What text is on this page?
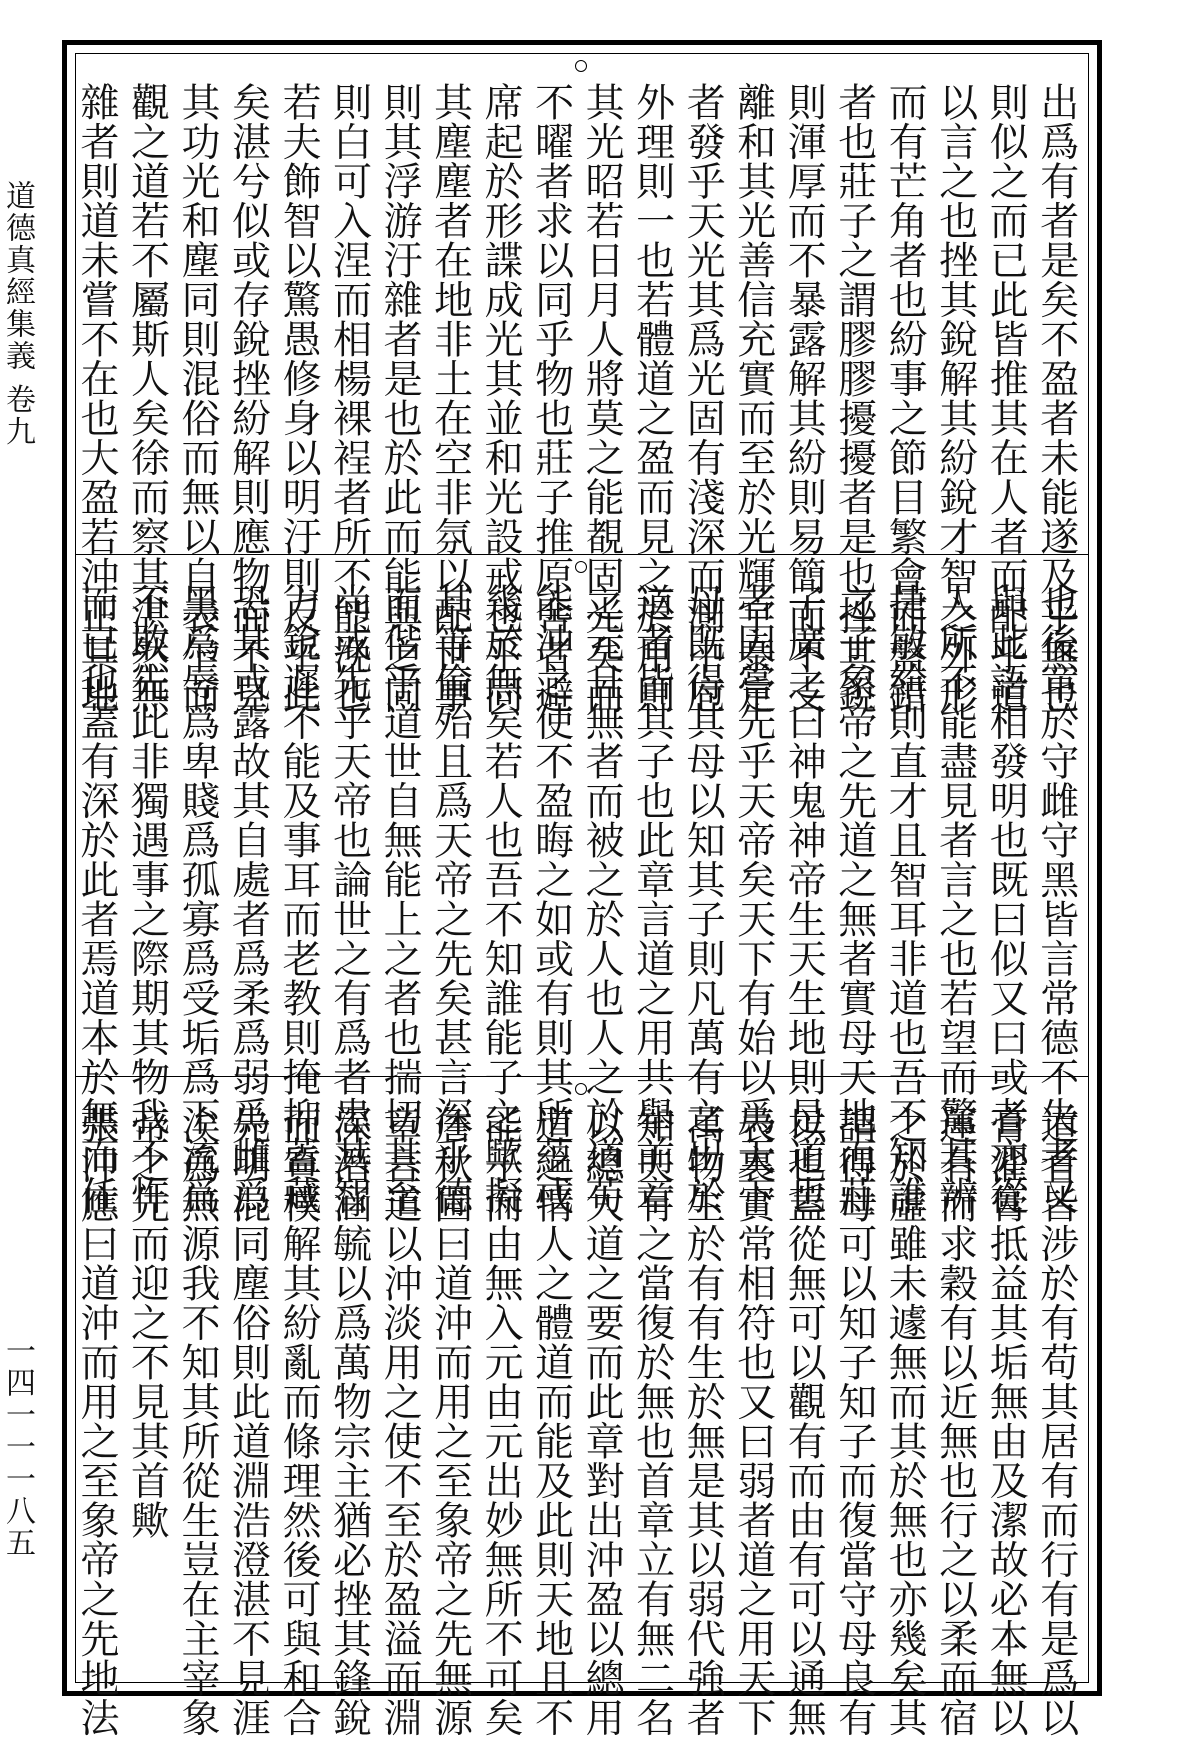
道德真經集義 卷九
一四一一一八五
出爲有者是矣不盈者未能遂及乎無也
則似之而已此皆推其在人者而配乎道
以言之也挫其銳解其紛銳才智之外形
而有芒角者也紛事之節目繁會而盤錯
者也莊子之謂膠膠擾擾者是也挫其銳
則渾厚而不暴露解其紛則易簡而不支
離和其光善信充實而至於光輝宇泰定
者發乎天光其爲光固有淺深而測中庖
外理則一也若體道之盈而見之於用則
其光昭若日月人將莫之能覩固光矣而
不曜者求以同乎物也莊子推原舍者避
席起於形諜成光其並和光設戒也乎同
其塵塵者在地非土在空非氛以配世事
則其浮游汙雜者是也於此而能與之同
則白可入涅而相楊裸裎者所不能浼也
若夫飾智以驚愚修身以明汙則反乎此
矣湛兮似或存銳挫紛解則應物而不見
其功光和塵同則混俗而無以自表乍而
觀之道若不屬斯人矣徐而察其湛然無
雜者則道未嘗不在也大盈若沖正其地
也後章於守雌守黑皆言常德不失者又
與此語相發明也既曰似又曰或者亦從
人所不能盡見者言之也若望而驚其辨
捷敏給則直才且智耳非道也吾不知誰
之子象帝之先道之無者實母天地而莊
子廣之曰神鬼神帝生天生地則是道也
者固嘗先乎天帝矣天下有始以爲天下
母既得其母以知其子則凡萬有之出於
道者皆其子也此章言道之用共舉前章
之元且無者而被之於人也人之於道苟
能沖之使不盈晦之如或有則其所蘊或
幾於無矣若人也吾不知誰能子之歟擬
其等倫殆且爲天帝之先矣甚言深乎德
而偕乎道世自無能上之者也揣切其至
尚或先乎天帝也論世之有爲者患其智
力銳遲不能及事耳而老教則掩抑蓋藏
恐其或露故其自處者爲柔爲弱爲雌爲
黑爲辱爲卑賤爲孤寡爲受垢爲下流爲
不敢先此非獨遇事之際期其物我不忤
而已也蓋有深於此者焉道本於無而任
道者皆涉於有苟其居有而行有是爲以
膏濯膏抵益其垢無由及潔故必本無以
運有而求穀有以近無也行之以柔而宿
之於虛雖未遽無而其於無也亦幾矣其
謂得母可以知子知子而復當守母良有
以也蓋從無可以觀有而由有可以通無
表裏實常相符也又曰弱者道之用天下
萬物生於有有生於無是其以弱代強者
知夫有之當復於無也首章立有無二名
以總大道之要而此章對出沖盈以總用
道之情人之體道而能及此則天地且不
能子而由無入元由元出妙無所不可矣
詹秋圃曰道沖而用之至象帝之先無源
章言道以沖淡用之使不至於盈溢而淵
深潛涵毓以爲萬物宗主猶必挫其鋒銳
而質樸解其紛亂而條理然後可與和合
先明混同塵俗則此道淵浩澄湛不見涯
涘爲無源我不知其所從生豈在主宰象
帝之先而迎之不見其首歟
張沖應曰道沖而用之至象帝之先地法
